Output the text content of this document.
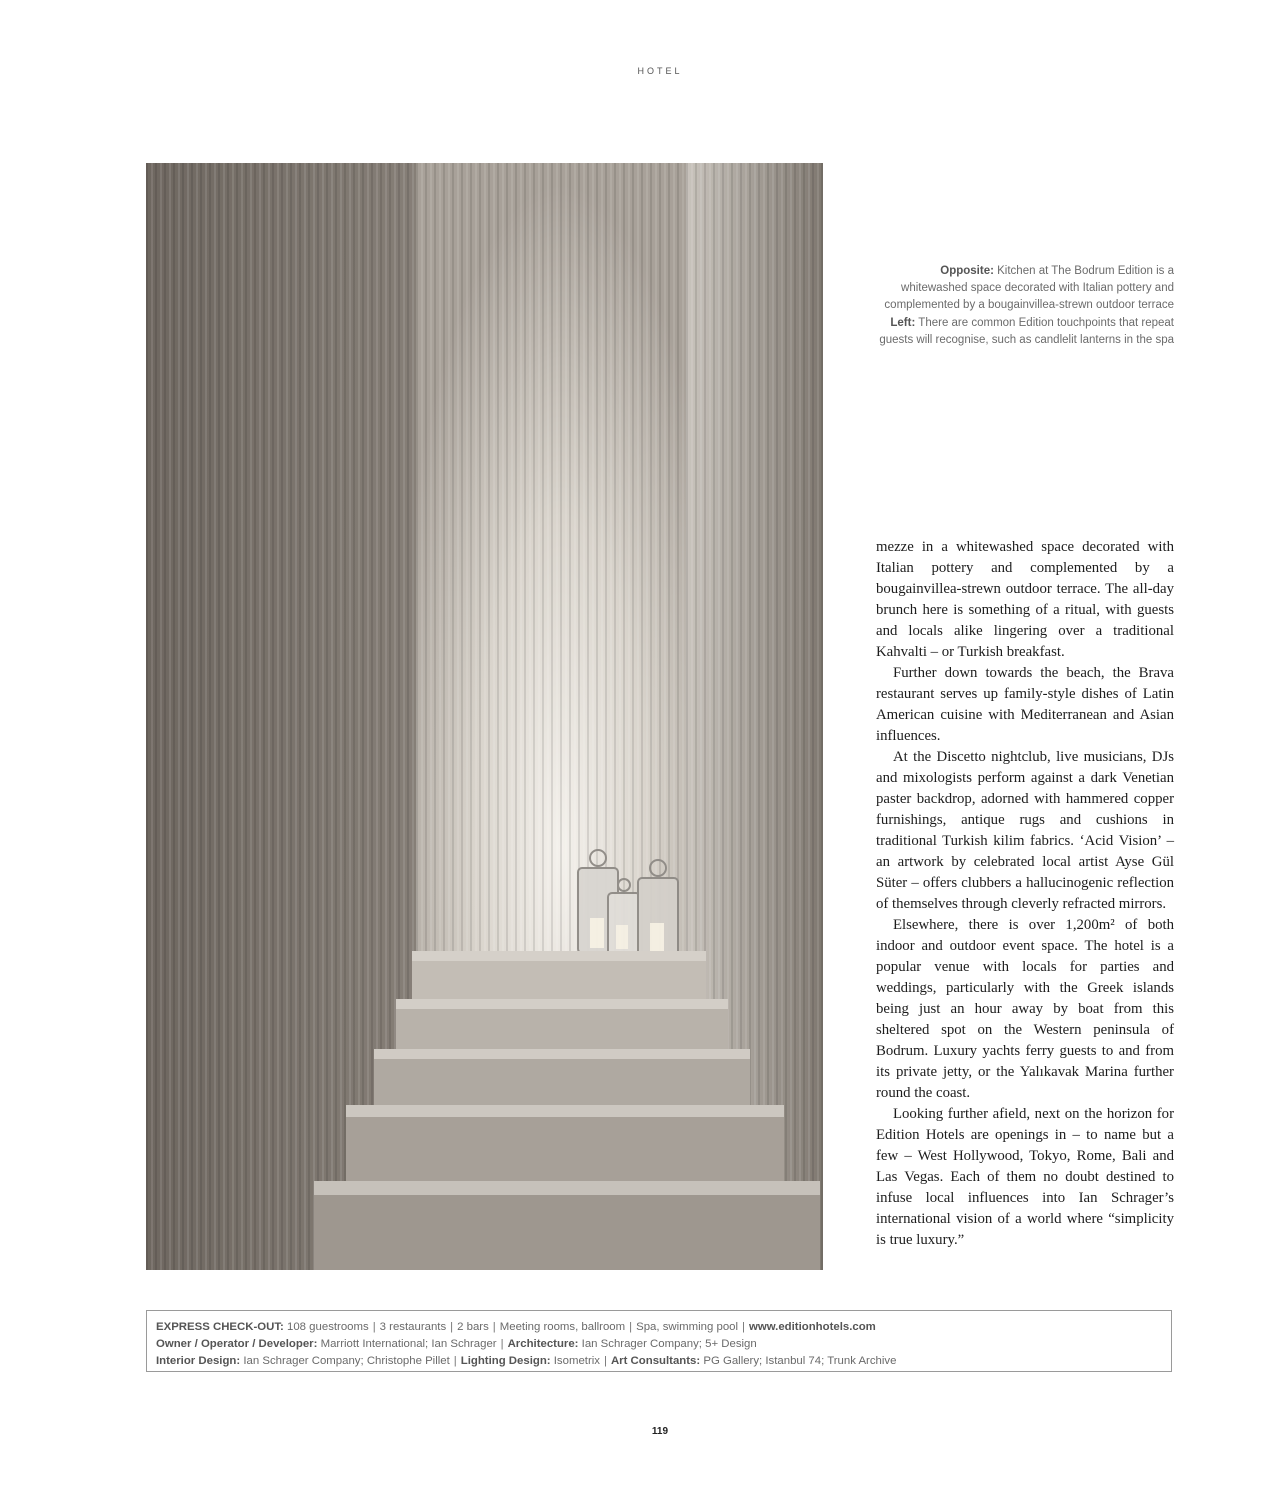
HOTEL
Opposite: Kitchen at The Bodrum Edition is a whitewashed space decorated with Italian pottery and complemented by a bougainvillea-strewn outdoor terrace Left: There are common Edition touchpoints that repeat guests will recognise, such as candlelit lanterns in the spa

mezze in a whitewashed space decorated with Italian pottery and complemented by a bougainvillea-strewn outdoor terrace. The all-day brunch here is something of a ritual, with guests and locals alike lingering over a traditional Kahvalti – or Turkish breakfast.

Further down towards the beach, the Brava restaurant serves up family-style dishes of Latin American cuisine with Mediterranean and Asian influences.

At the Discetto nightclub, live musicians, DJs and mixologists perform against a dark Venetian paster backdrop, adorned with hammered copper furnishings, antique rugs and cushions in traditional Turkish kilim fabrics. ‘Acid Vision’ – an artwork by celebrated local artist Ayse Gül Süter – offers clubbers a hallucinogenic reflection of themselves through cleverly refracted mirrors.

Elsewhere, there is over 1,200m² of both indoor and outdoor event space. The hotel is a popular venue with locals for parties and weddings, particularly with the Greek islands being just an hour away by boat from this sheltered spot on the Western peninsula of Bodrum. Luxury yachts ferry guests to and from its private jetty, or the Yalıkavak Marina further round the coast.

Looking further afield, next on the horizon for Edition Hotels are openings in – to name but a few – West Hollywood, Tokyo, Rome, Bali and Las Vegas. Each of them no doubt destined to infuse local influences into Ian Schrager’s international vision of a world where “simplicity is true luxury.”

EXPRESS CHECK-OUT: 108 guestrooms | 3 restaurants | 2 bars | Meeting rooms, ballroom | Spa, swimming pool | www.editionhotels.com
Owner / Operator / Developer: Marriott International; Ian Schrager | Architecture: Ian Schrager Company; 5+ Design
Interior Design: Ian Schrager Company; Christophe Pillet | Lighting Design: Isometrix | Art Consultants: PG Gallery; Istanbul 74; Trunk Archive
119
